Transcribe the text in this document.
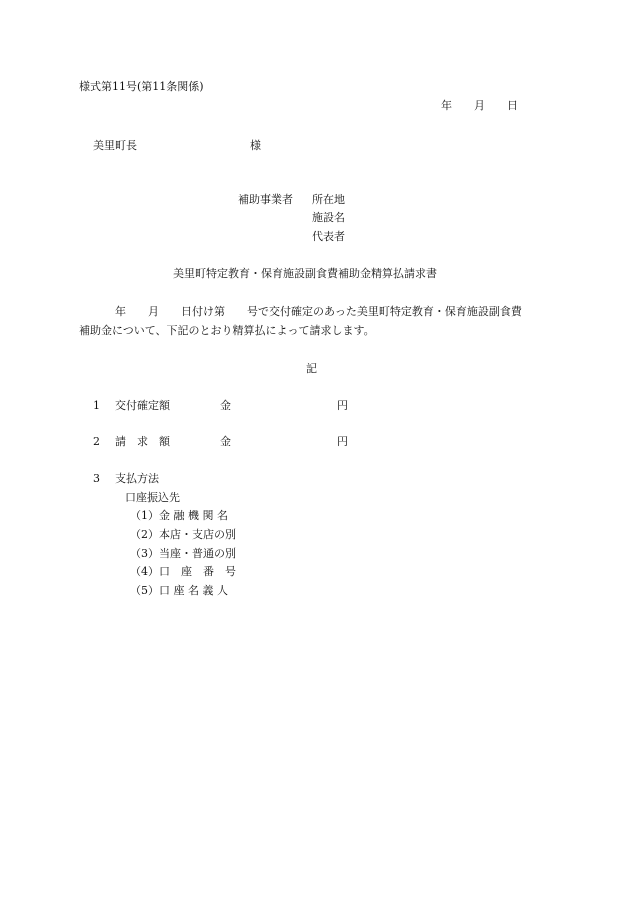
様式第11号(第11条関係)
年　　月　　日
美里町長	様
補助事業者 所在地
施設名
代表者
美里町特定教育・保育施設副食費補助金精算払請求書
年　　月　　日付け第　　号で交付確定のあった美里町特定教育・保育施設副食費
補助金について、下記のとおり精算払によって請求します。
記
1 交付確定額	金	円
2 請　求　額	金	円
3 支払方法
口座振込先
（1）金 融 機 関 名
（2）本店・支店の別
（3）当座・普通の別
（4）口　座　番　号
（5）口 座 名 義 人
